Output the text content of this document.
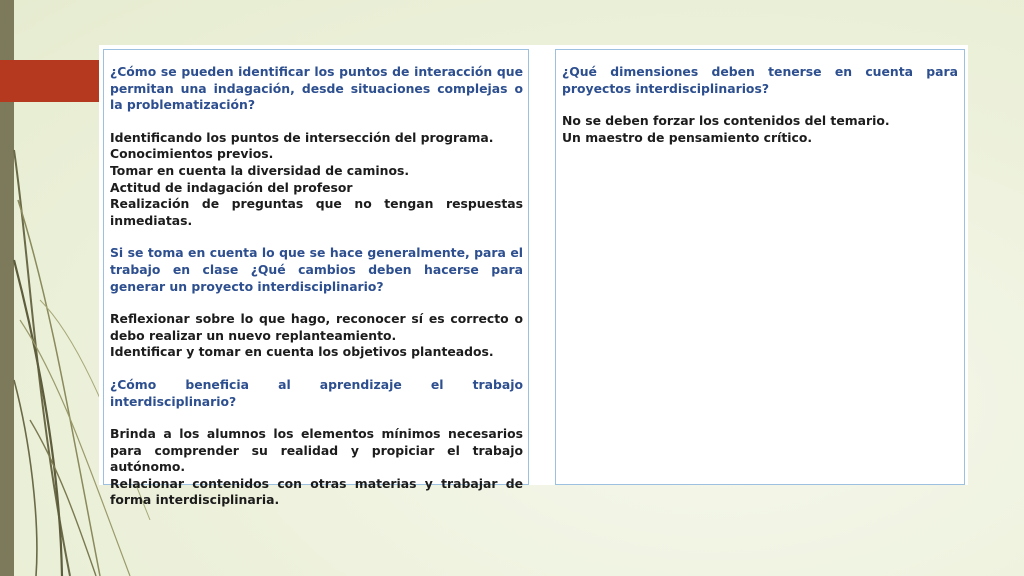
¿Cómo se pueden identificar los puntos de interacción que permitan una indagación, desde situaciones complejas o la problematización?
Identificando los puntos de intersección del programa.
Conocimientos previos.
Tomar en cuenta la diversidad de caminos.
Actitud de indagación del profesor
Realización de preguntas que no tengan respuestas inmediatas.
Si se toma en cuenta lo que se hace generalmente, para el trabajo en clase ¿Qué cambios deben hacerse para generar un proyecto interdisciplinario?
Reflexionar sobre lo que hago, reconocer sí es correcto o debo realizar un nuevo replanteamiento.
Identificar y tomar en cuenta los objetivos planteados.
¿Cómo beneficia al aprendizaje el trabajo interdisciplinario?
Brinda a los alumnos los elementos mínimos necesarios para comprender su realidad y propiciar el trabajo autónomo.
Relacionar contenidos con otras materias y trabajar de forma interdisciplinaria.
¿Qué dimensiones deben tenerse en cuenta para proyectos interdisciplinarios?
No se deben forzar los contenidos del temario.
Un maestro de pensamiento crítico.
